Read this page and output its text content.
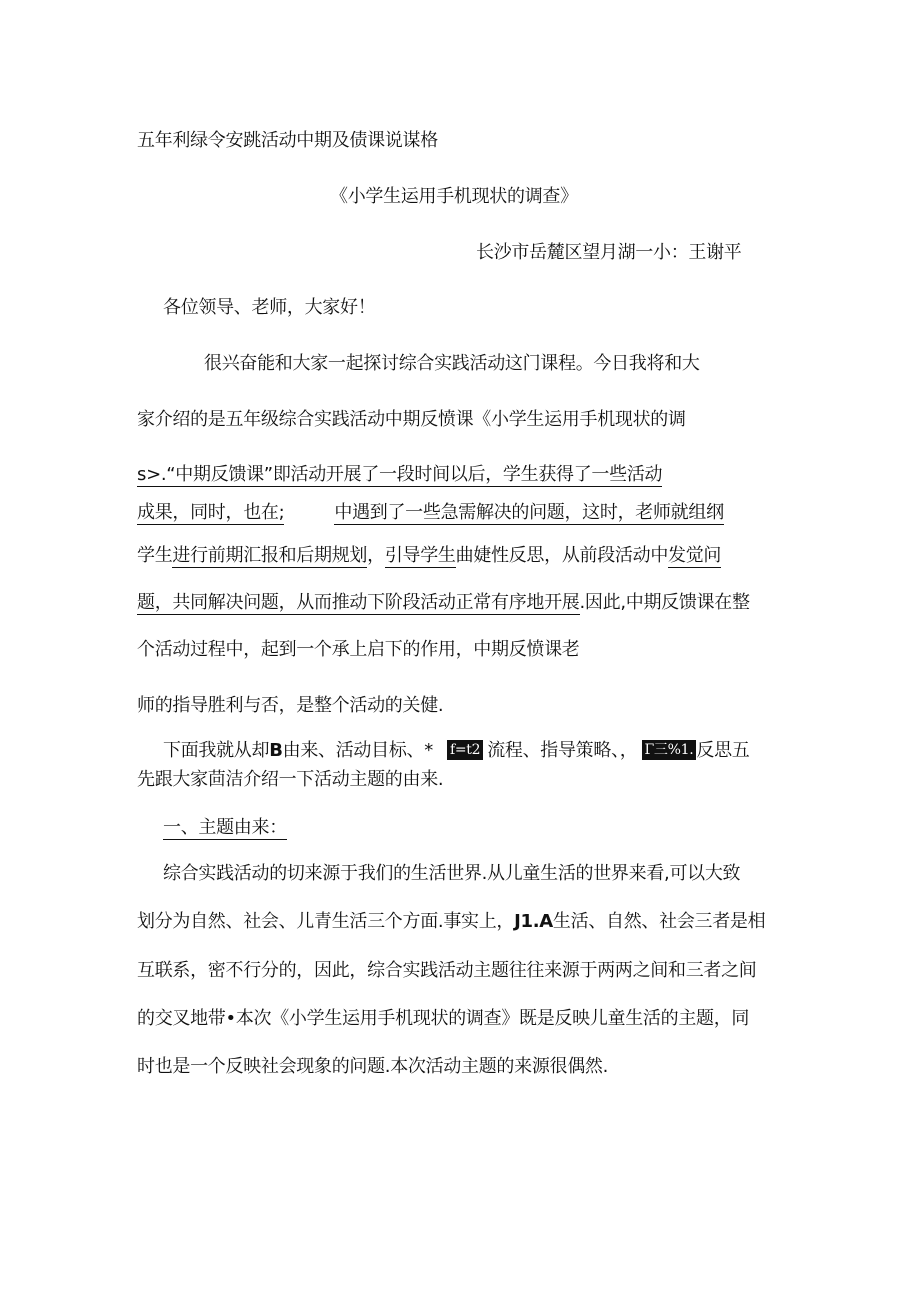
五年利绿令安跳活动中期及债课说谋格
《小学生运用手机现状的调查》
长沙市岳麓区望月湖一小：王谢平
各位领导、老师，大家好！
很兴奋能和大家一起探讨综合实践活动这门课程。今日我将和大
家介绍的是五年级综合实践活动中期反愤课《小学生运用手机现状的调
s>.“中期反馈课”即活动开展了一段时间以后，学生获得了一些活动
成果，同时，也在;	中遇到了一些急需解决的问题，这时，老师就组纲
学生进行前期汇报和后期规划，引导学生曲婕性反思，从前段活动中发觉问
题，共同解决问题，从而推动下阶段活动正常有序地开展.因此,中期反馈课在整
个活动过程中，起到一个承上启下的作用，中期反愤课老
师的指导胜利与否，是整个活动的关健.
下面我就从却B由来、活动目标、* f=t2 流程、指导策略、， Γ三%1. 反思五
先跟大家茴洁介绍一下活动主题的由来.
一、主题由来：
综合实践活动的切来源于我们的生活世界.从儿童生活的世界来看,可以大致
划分为自然、社会、儿青生活三个方面.事实上，J1.A生活、自然、社会三者是相
互联系，密不行分的，因此，综合实践活动主题往往来源于两两之间和三者之间
的交叉地带•本次《小学生运用手机现状的调查》既是反映儿童生活的主题，同
时也是一个反映社会现象的问题.本次活动主题的来源很偶然.
